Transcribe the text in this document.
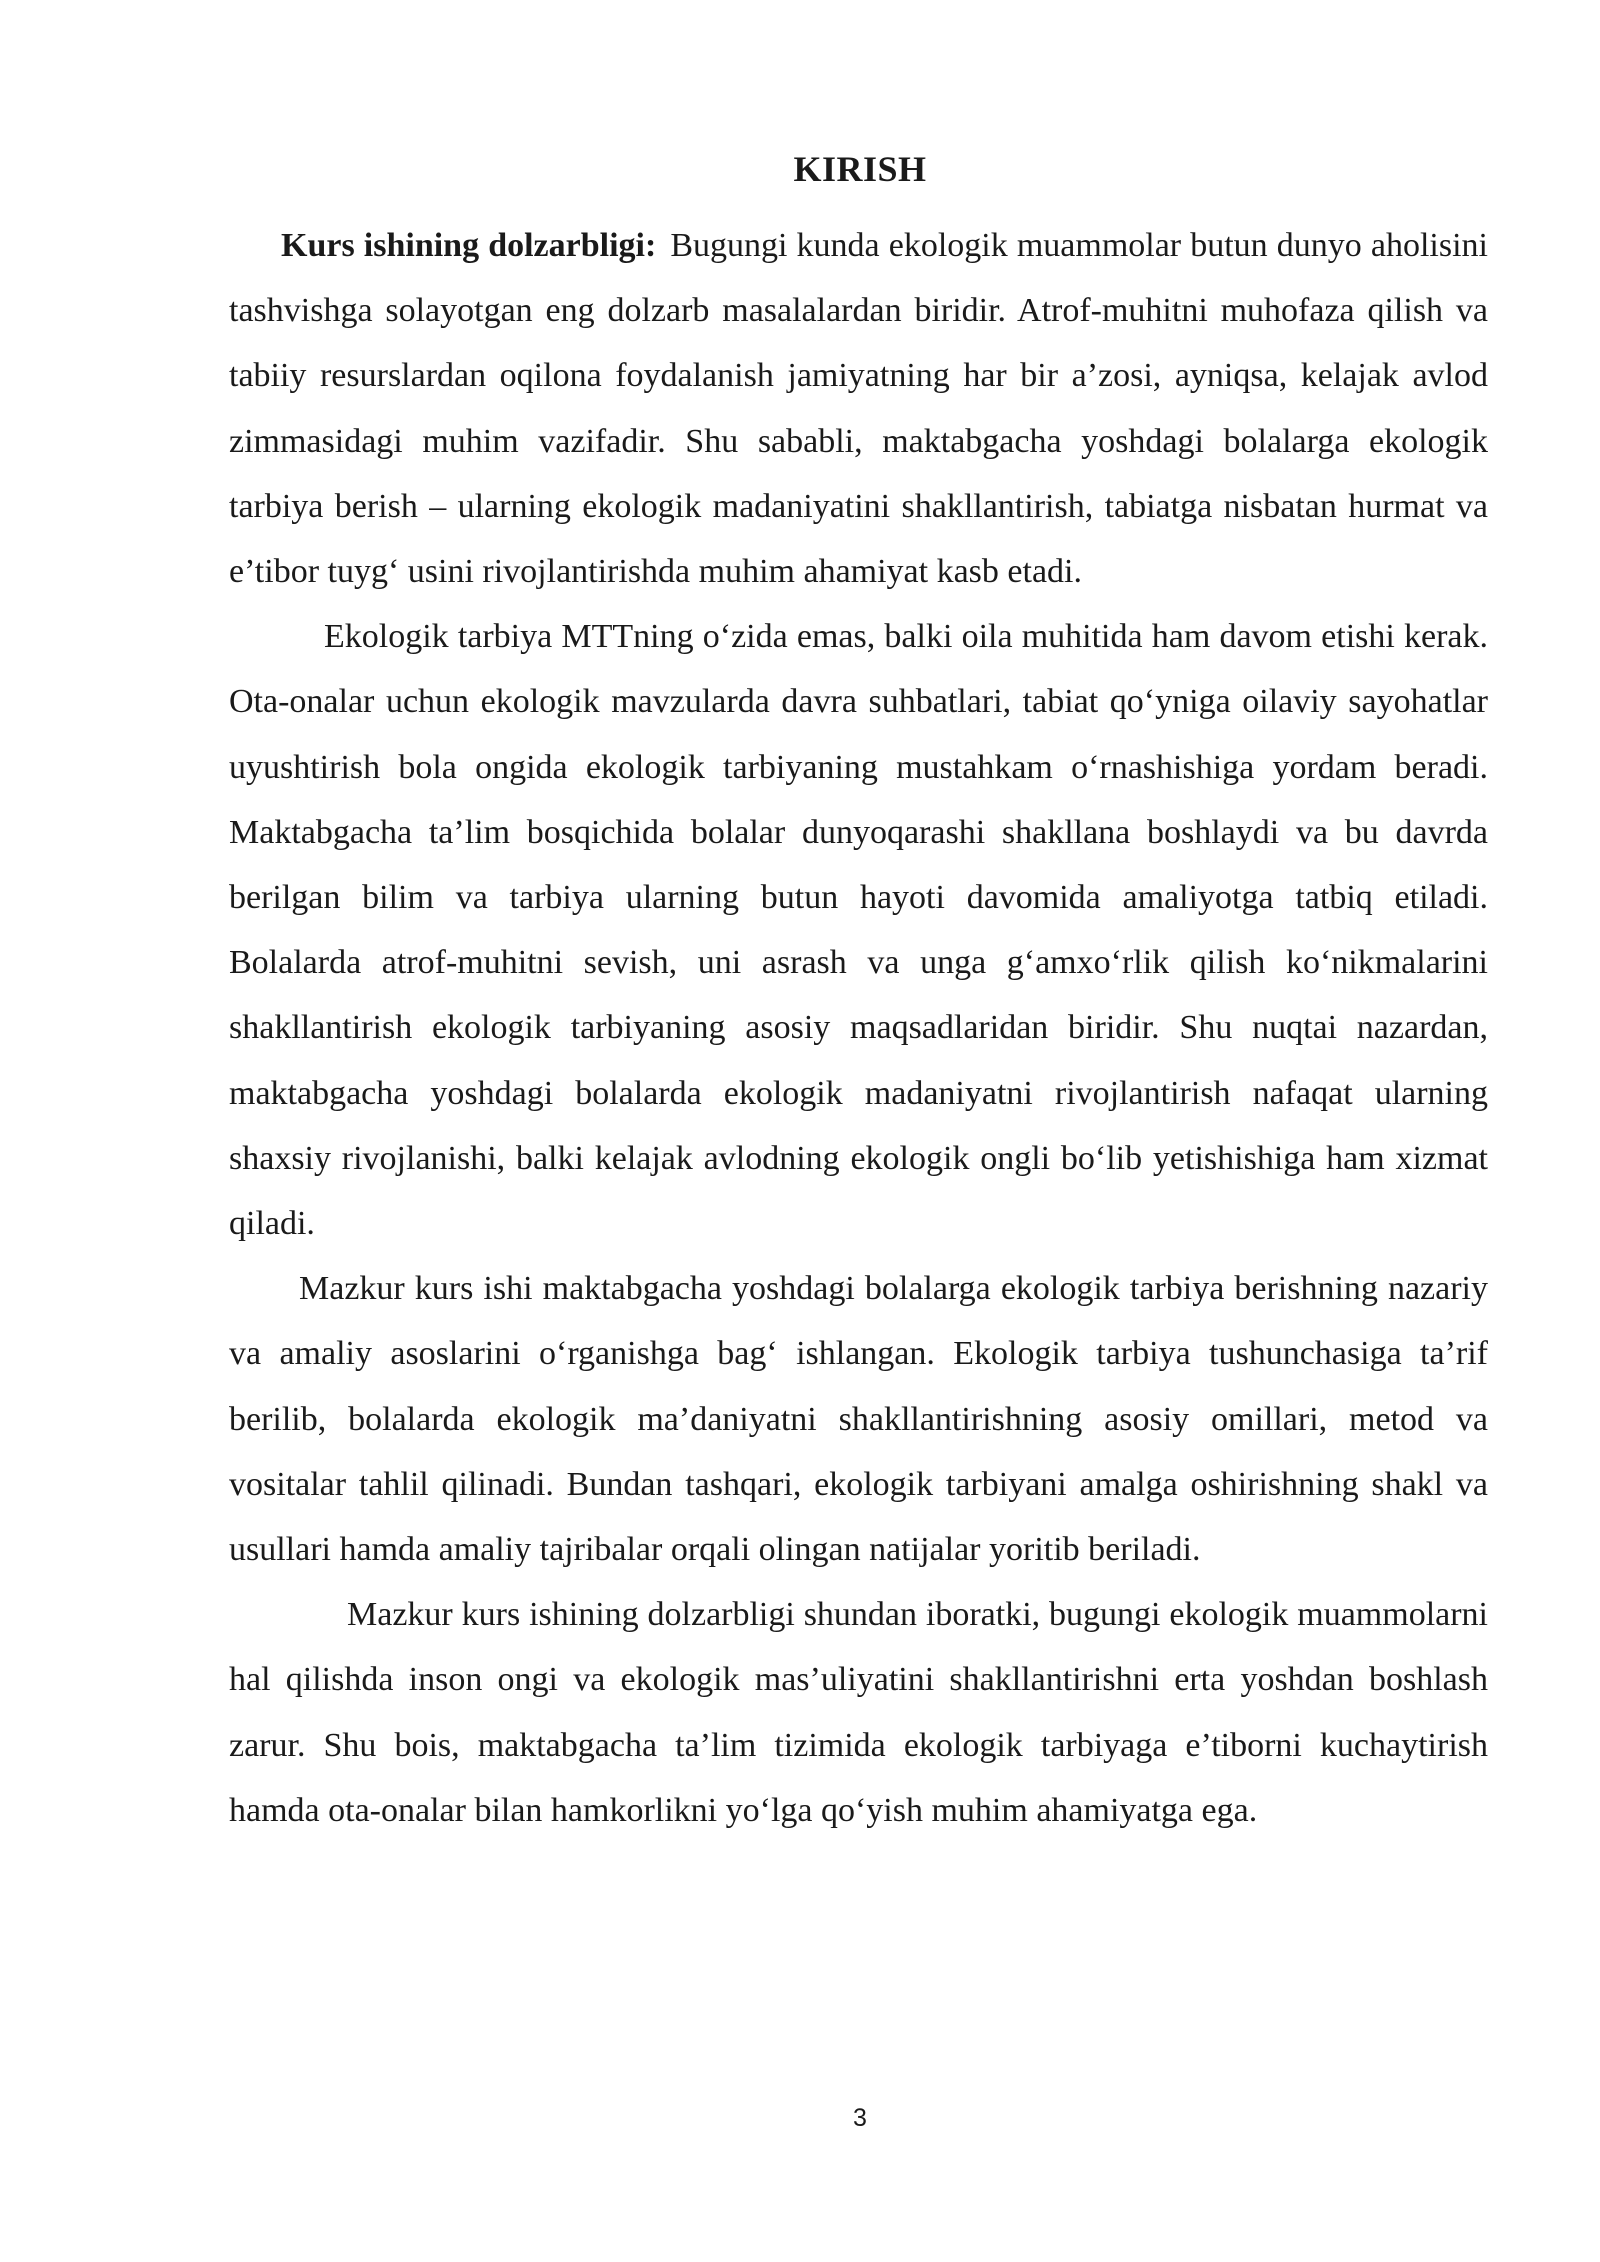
KIRISH

Kurs ishining dolzarbligi: Bugungi kunda ekologik muammolar butun dunyo aholisini tashvishga solayotgan eng dolzarb masalalardan biridir. Atrof-muhitni muhofaza qilish va tabiiy resurslardan oqilona foydalanish jamiyatning har bir a’zosi, ayniqsa, kelajak avlod zimmasidagi muhim vazifadir. Shu sababli, maktabgacha yoshdagi bolalarga ekologik tarbiya berish – ularning ekologik madaniyatini shakllantirish, tabiatga nisbatan hurmat va e’tibor tuyg‘ usini rivojlantirishda muhim ahamiyat kasb etadi.

Ekologik tarbiya MTTning o‘zida emas, balki oila muhitida ham davom etishi kerak. Ota-onalar uchun ekologik mavzularda davra suhbatlari, tabiat qo‘yniga oilaviy sayohatlar uyushtirish bola ongida ekologik tarbiyaning mustahkam o‘rnashishiga yordam beradi. Maktabgacha ta’lim bosqichida bolalar dunyoqarashi shakllana boshlaydi va bu davrda berilgan bilim va tarbiya ularning butun hayoti davomida amaliyotga tatbiq etiladi. Bolalarda atrof-muhitni sevish, uni asrash va unga g‘amxo‘rlik qilish ko‘nikmalarini shakllantirish ekologik tarbiyaning asosiy maqsadlaridan biridir. Shu nuqtai nazardan, maktabgacha yoshdagi bolalarda ekologik madaniyatni rivojlantirish nafaqat ularning shaxsiy rivojlanishi, balki kelajak avlodning ekologik ongli bo‘lib yetishishiga ham xizmat qiladi.

Mazkur kurs ishi maktabgacha yoshdagi bolalarga ekologik tarbiya berishning nazariy va amaliy asoslarini o‘rganishga bag‘ ishlangan. Ekologik tarbiya tushunchasiga ta’rif berilib, bolalarda ekologik ma’daniyatni shakllantirishning asosiy omillari, metod va vositalar tahlil qilinadi. Bundan tashqari, ekologik tarbiyani amalga oshirishning shakl va usullari hamda amaliy tajribalar orqali olingan natijalar yoritib beriladi.

Mazkur kurs ishining dolzarbligi shundan iboratki, bugungi ekologik muammolarni hal qilishda inson ongi va ekologik mas’uliyatini shakllantirishni erta yoshdan boshlash zarur. Shu bois, maktabgacha ta’lim tizimida ekologik tarbiyaga e’tiborni kuchaytirish hamda ota-onalar bilan hamkorlikni yo‘lga qo‘yish muhim ahamiyatga ega.

3
